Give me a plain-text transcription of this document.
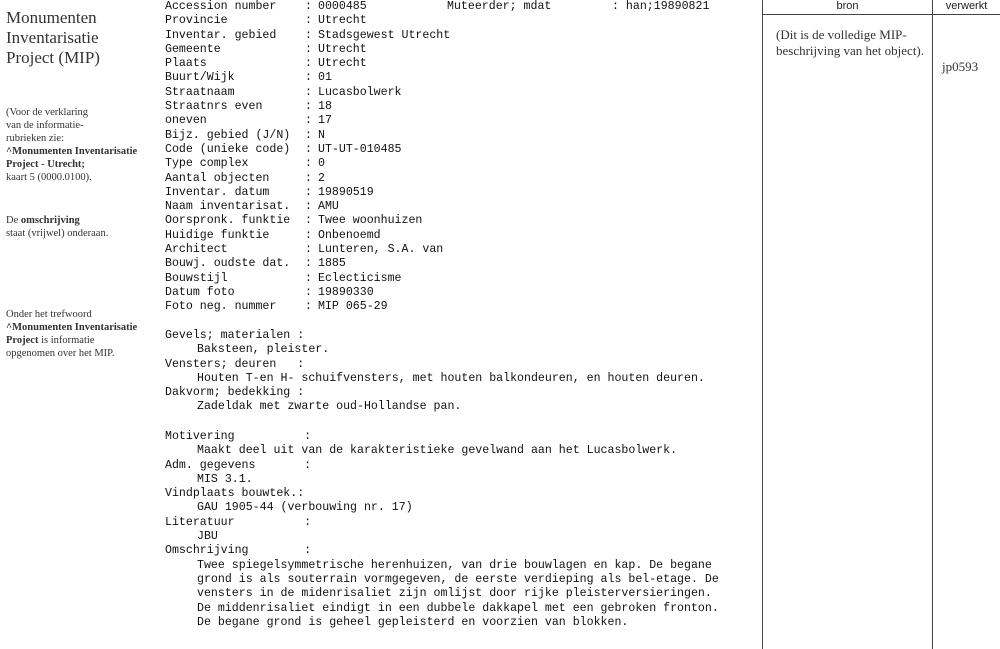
Monumenten
Inventarisatie
Project (MIP)
(Voor de verklaring
van de informatie-
rubrieken zie:
^Monumenten Inventarisatie
Project - Utrecht;
kaart 5 (0000.0100).
De omschrijving
staat (vrijwel) onderaan.
Onder het trefwoord
^Monumenten Inventarisatie
Project is informatie
opgenomen over het MIP.
Accession number	: 0000485
Provincie	: Utrecht
Inventar. gebied	: Stadsgewest Utrecht
Gemeente	: Utrecht
Plaats	: Utrecht
Buurt/Wijk	: 01
Straatnaam	: Lucasbolwerk
Straatnrs even	: 18
oneven	: 17
Bijz. gebied (J/N)	: N
Code (unieke code)	: UT-UT-010485
Type complex	: 0
Aantal objecten	: 2
Inventar. datum	: 19890519
Naam inventarisat.	: AMU
Oorspronk. funktie	: Twee woonhuizen
Huidige funktie	: Onbenoemd
Architect	: Lunteren, S.A. van
Bouwj. oudste dat.	: 1885
Bouwstijl	: Eclecticisme
Datum foto	: 19890330
Foto neg. nummer	: MIP 065-29
Muteerder; mdat	: han;19890821
Gevels; materialen :
Baksteen, pleister.
Vensters; deuren   :
Houten T-en H- schuifvensters, met houten balkondeuren, en houten deuren.
Dakvorm; bedekking :
Zadeldak met zwarte oud-Hollandse pan.
Motivering          :
Maakt deel uit van de karakteristieke gevelwand aan het Lucasbolwerk.
Adm. gegevens       :
MIS 3.1.
Vindplaats bouwtek.:
GAU 1905-44 (verbouwing nr. 17)
Literatuur          :
JBU
Omschrijving        :
Twee spiegelsymmetrische herenhuizen, van drie bouwlagen en kap. De begane
grond is als souterrain vormgegeven, de eerste verdieping als bel-etage. De
vensters in de midenrisaliet zijn omlijst door rijke pleisterversieringen.
De middenrisaliet eindigt in een dubbele dakkapel met een gebroken fronton.
De begane grond is geheel gepleisterd en voorzien van blokken.
bron	verwerkt
(Dit is de volledige MIP-beschrijving van het object).
jp0593
